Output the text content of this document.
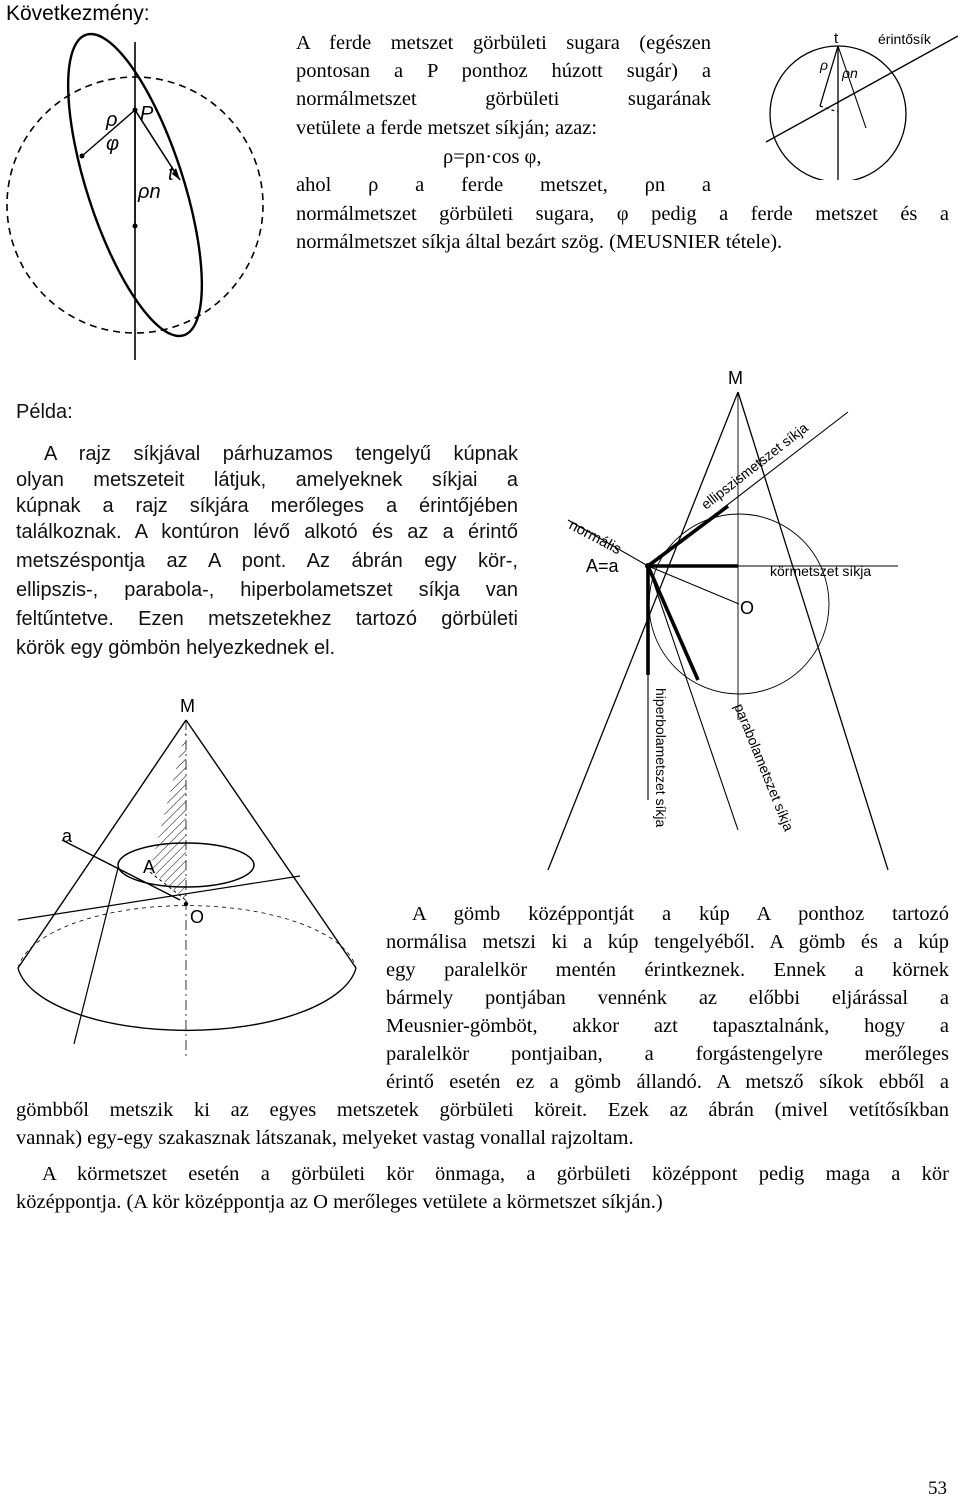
Következmény:
ρ
φ
P
ρn
t
t	érintősík
ρ ρn
A ferde metszet görbületi sugara (egészen
pontosan a P ponthoz húzott sugár) a
normálmetszet görbületi sugarának
vetülete a ferde metszet síkján; azaz:
ρ=ρn·cos φ,
ahol ρ a ferde metszet, ρn a
normálmetszet görbületi sugara, φ pedig a ferde metszet és a
normálmetszet síkja által bezárt szög. (MEUSNIER tétele).
Példa:
A rajz síkjával párhuzamos tengelyű kúpnak
olyan metszeteit látjuk, amelyeknek síkjai a
kúpnak a rajz síkjára merőleges a érintőjében
találkoznak. A kontúron lévő alkotó és az a érintő
metszéspontja az A pont. Az ábrán egy kör-,
ellipszis-, parabola-, hiperbolametszet síkja van
feltűntetve. Ezen metszetekhez tartozó görbületi
körök egy gömbön helyezkednek el.
M
normális
A=a
ellipszismetszet síkja
körmetszet síkja
O
hiperbolametszet síkja	parabolametszet síkja
M
a
A
O	A gömb középpontját a kúp A ponthoz tartozó
normálisa metszi ki a kúp tengelyéből. A gömb és a kúp
egy paralelkör mentén érintkeznek. Ennek a körnek
bármely pontjában vennénk az előbbi eljárással a
Meusnier-gömböt, akkor azt tapasztalnánk, hogy a
paralelkör pontjaiban, a forgástengelyre merőleges
érintő esetén ez a gömb állandó. A metsző síkok ebből a
gömbből metszik ki az egyes metszetek görbületi köreit. Ezek az ábrán (mivel vetítősíkban
vannak) egy-egy szakasznak látszanak, melyeket vastag vonallal rajzoltam.
A körmetszet esetén a görbületi kör önmaga, a görbületi középpont pedig maga a kör
középpontja. (A kör középpontja az O merőleges vetülete a körmetszet síkján.)
53
